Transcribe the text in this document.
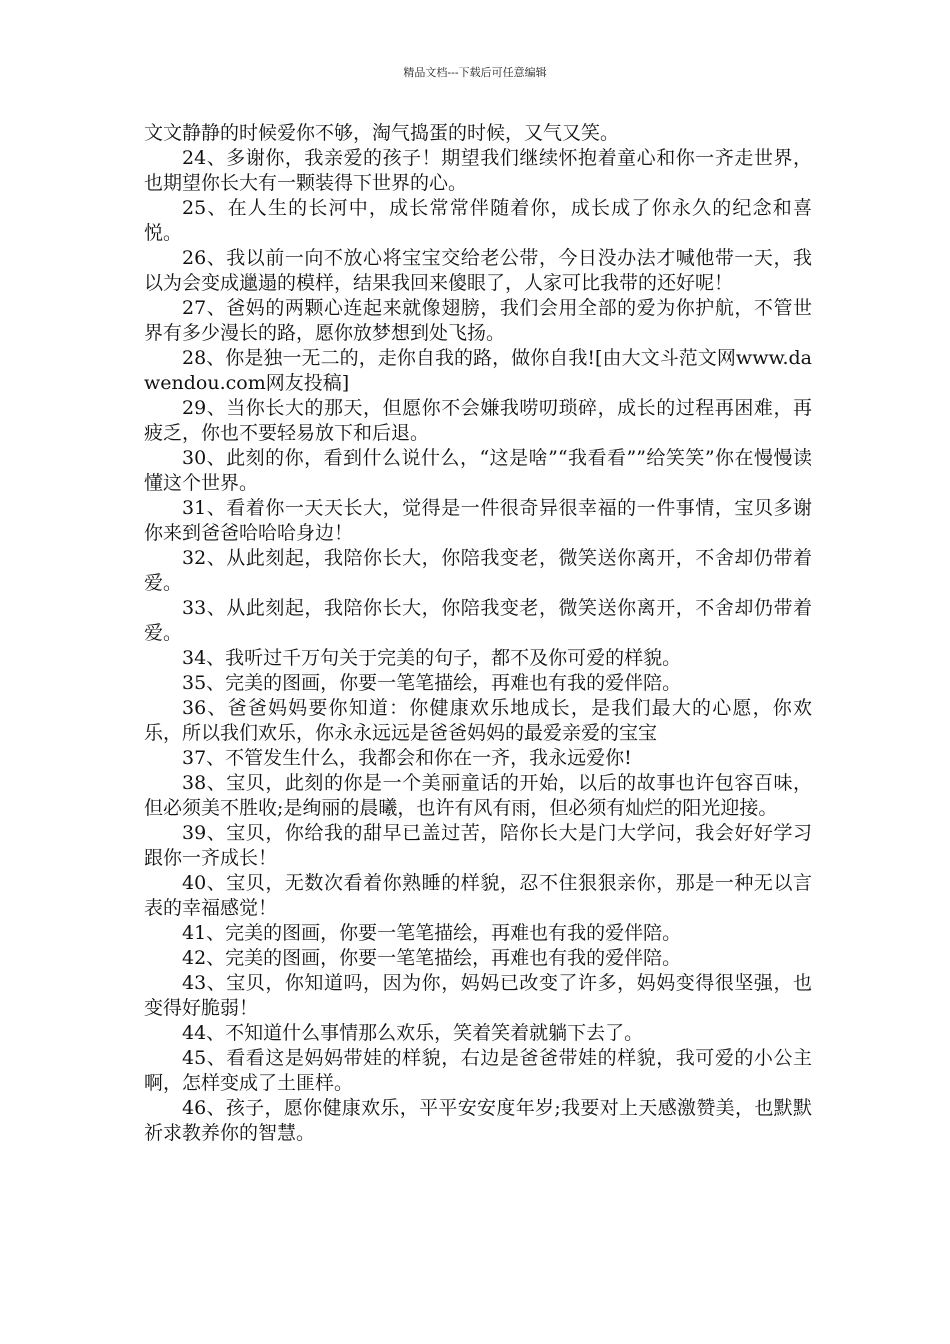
精品文档---下载后可任意编辑

文文静静的时候爱你不够，淘气捣蛋的时候，又气又笑。

24、多谢你，我亲爱的孩子！期望我们继续怀抱着童心和你一齐走世界，也期望你长大有一颗装得下世界的心。

25、在人生的长河中，成长常常伴随着你，成长成了你永久的纪念和喜悦。

26、我以前一向不放心将宝宝交给老公带，今日没办法才喊他带一天，我以为会变成邋遢的模样，结果我回来傻眼了，人家可比我带的还好呢！

27、爸妈的两颗心连起来就像翅膀，我们会用全部的爱为你护航，不管世界有多少漫长的路，愿你放梦想到处飞扬。

28、你是独一无二的，走你自我的路，做你自我![由大文斗范文网www.dawendou.com网友投稿]

29、当你长大的那天，但愿你不会嫌我唠叨琐碎，成长的过程再困难，再疲乏，你也不要轻易放下和后退。

30、此刻的你，看到什么说什么，“这是啥”“我看看””给笑笑”你在慢慢读懂这个世界。

31、看着你一天天长大，觉得是一件很奇异很幸福的一件事情，宝贝多谢你来到爸爸哈哈哈身边！

32、从此刻起，我陪你长大，你陪我变老，微笑送你离开，不舍却仍带着爱。

33、从此刻起，我陪你长大，你陪我变老，微笑送你离开，不舍却仍带着爱。

34、我听过千万句关于完美的句子，都不及你可爱的样貌。

35、完美的图画，你要一笔笔描绘，再难也有我的爱伴陪。

36、爸爸妈妈要你知道：你健康欢乐地成长，是我们最大的心愿，你欢乐，所以我们欢乐，你永永远远是爸爸妈妈的最爱亲爱的宝宝

37、不管发生什么，我都会和你在一齐，我永远爱你!

38、宝贝，此刻的你是一个美丽童话的开始，以后的故事也许包容百味，但必须美不胜收;是绚丽的晨曦，也许有风有雨，但必须有灿烂的阳光迎接。

39、宝贝，你给我的甜早已盖过苦，陪你长大是门大学问，我会好好学习跟你一齐成长！

40、宝贝，无数次看着你熟睡的样貌，忍不住狠狠亲你，那是一种无以言表的幸福感觉！

41、完美的图画，你要一笔笔描绘，再难也有我的爱伴陪。

42、完美的图画，你要一笔笔描绘，再难也有我的爱伴陪。

43、宝贝，你知道吗，因为你，妈妈已改变了许多，妈妈变得很坚强，也变得好脆弱！

44、不知道什么事情那么欢乐，笑着笑着就躺下去了。

45、看看这是妈妈带娃的样貌，右边是爸爸带娃的样貌，我可爱的小公主啊，怎样变成了土匪样。

46、孩子，愿你健康欢乐，平平安安度年岁;我要对上天感激赞美，也默默祈求教养你的智慧。
